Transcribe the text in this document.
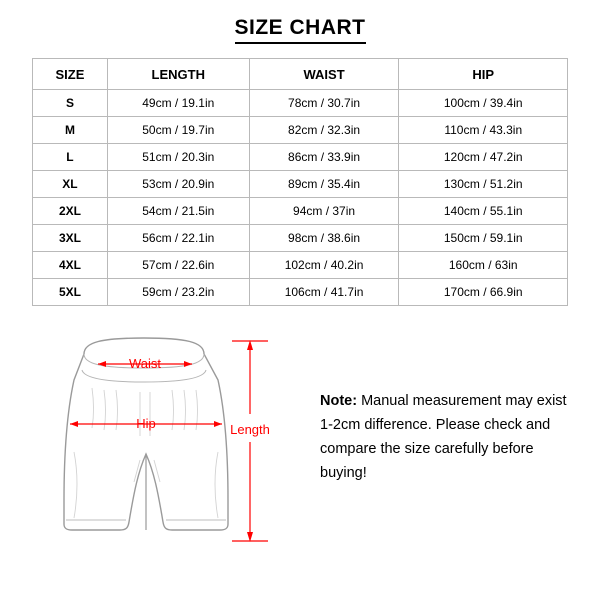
SIZE CHART
SIZE	LENGTH	WAIST	HIP
S	49cm / 19.1in	78cm / 30.7in	100cm / 39.4in
M	50cm / 19.7in	82cm / 32.3in	110cm / 43.3in
L	51cm / 20.3in	86cm / 33.9in	120cm / 47.2in
XL	53cm / 20.9in	89cm / 35.4in	130cm / 51.2in
2XL	54cm / 21.5in	94cm / 37in	140cm / 55.1in
3XL	56cm / 22.1in	98cm / 38.6in	150cm / 59.1in
4XL	57cm / 22.6in	102cm / 40.2in	160cm / 63in
5XL	59cm / 23.2in	106cm / 41.7in	170cm / 66.9in
Waist
Hip	Length
Note: Manual measurement may exist 1-2cm difference. Please check and compare the size carefully before buying!
